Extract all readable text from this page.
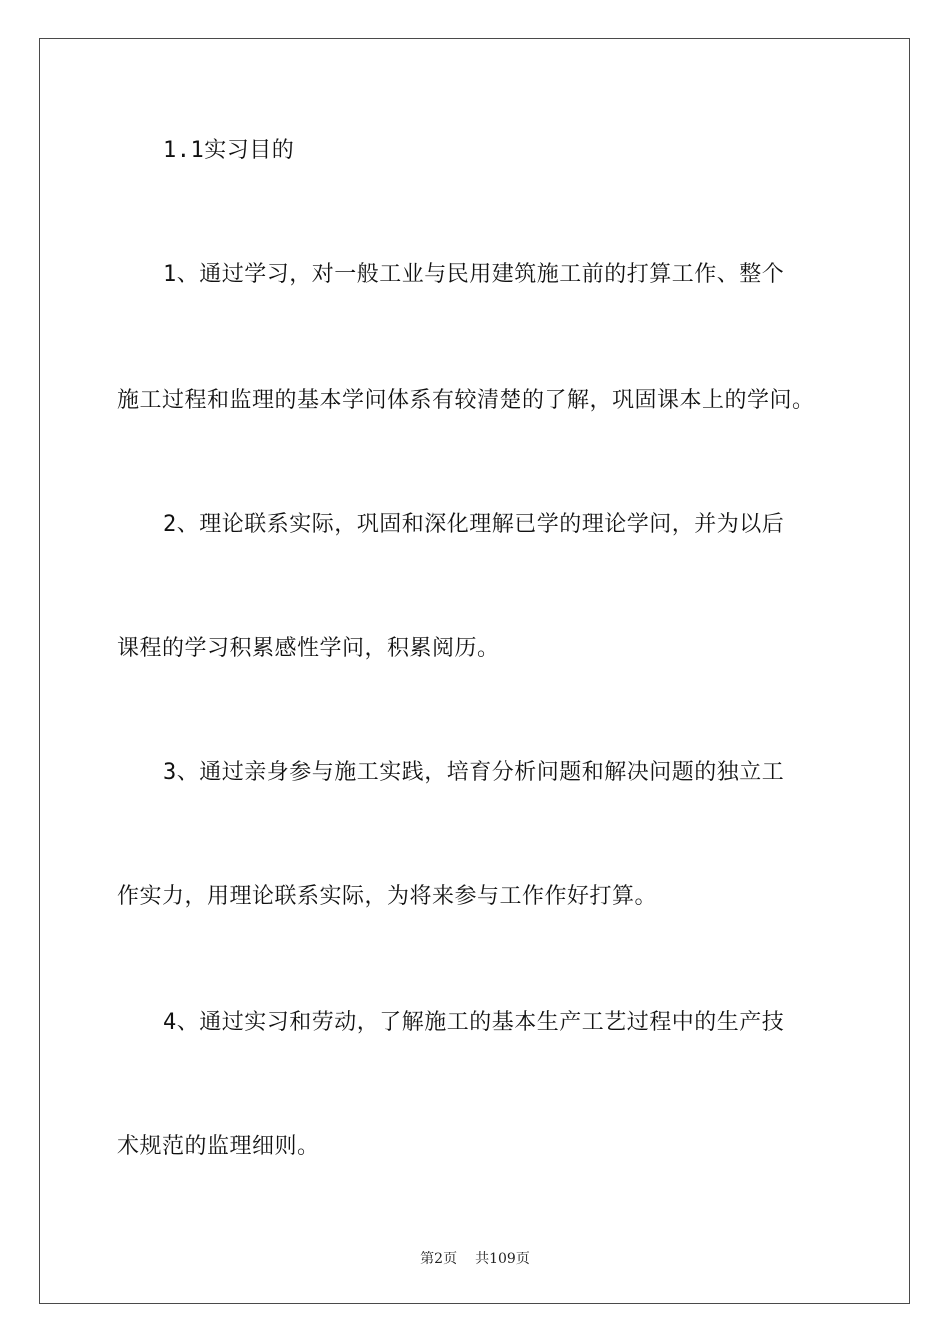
1.1实习目的
1、通过学习，对一般工业与民用建筑施工前的打算工作、整个
施工过程和监理的基本学问体系有较清楚的了解，巩固课本上的学问。
2、理论联系实际，巩固和深化理解已学的理论学问，并为以后
课程的学习积累感性学问，积累阅历。
3、通过亲身参与施工实践，培育分析问题和解决问题的独立工
作实力，用理论联系实际，为将来参与工作作好打算。
4、通过实习和劳动，了解施工的基本生产工艺过程中的生产技
术规范的监理细则。
第2页 共109页
